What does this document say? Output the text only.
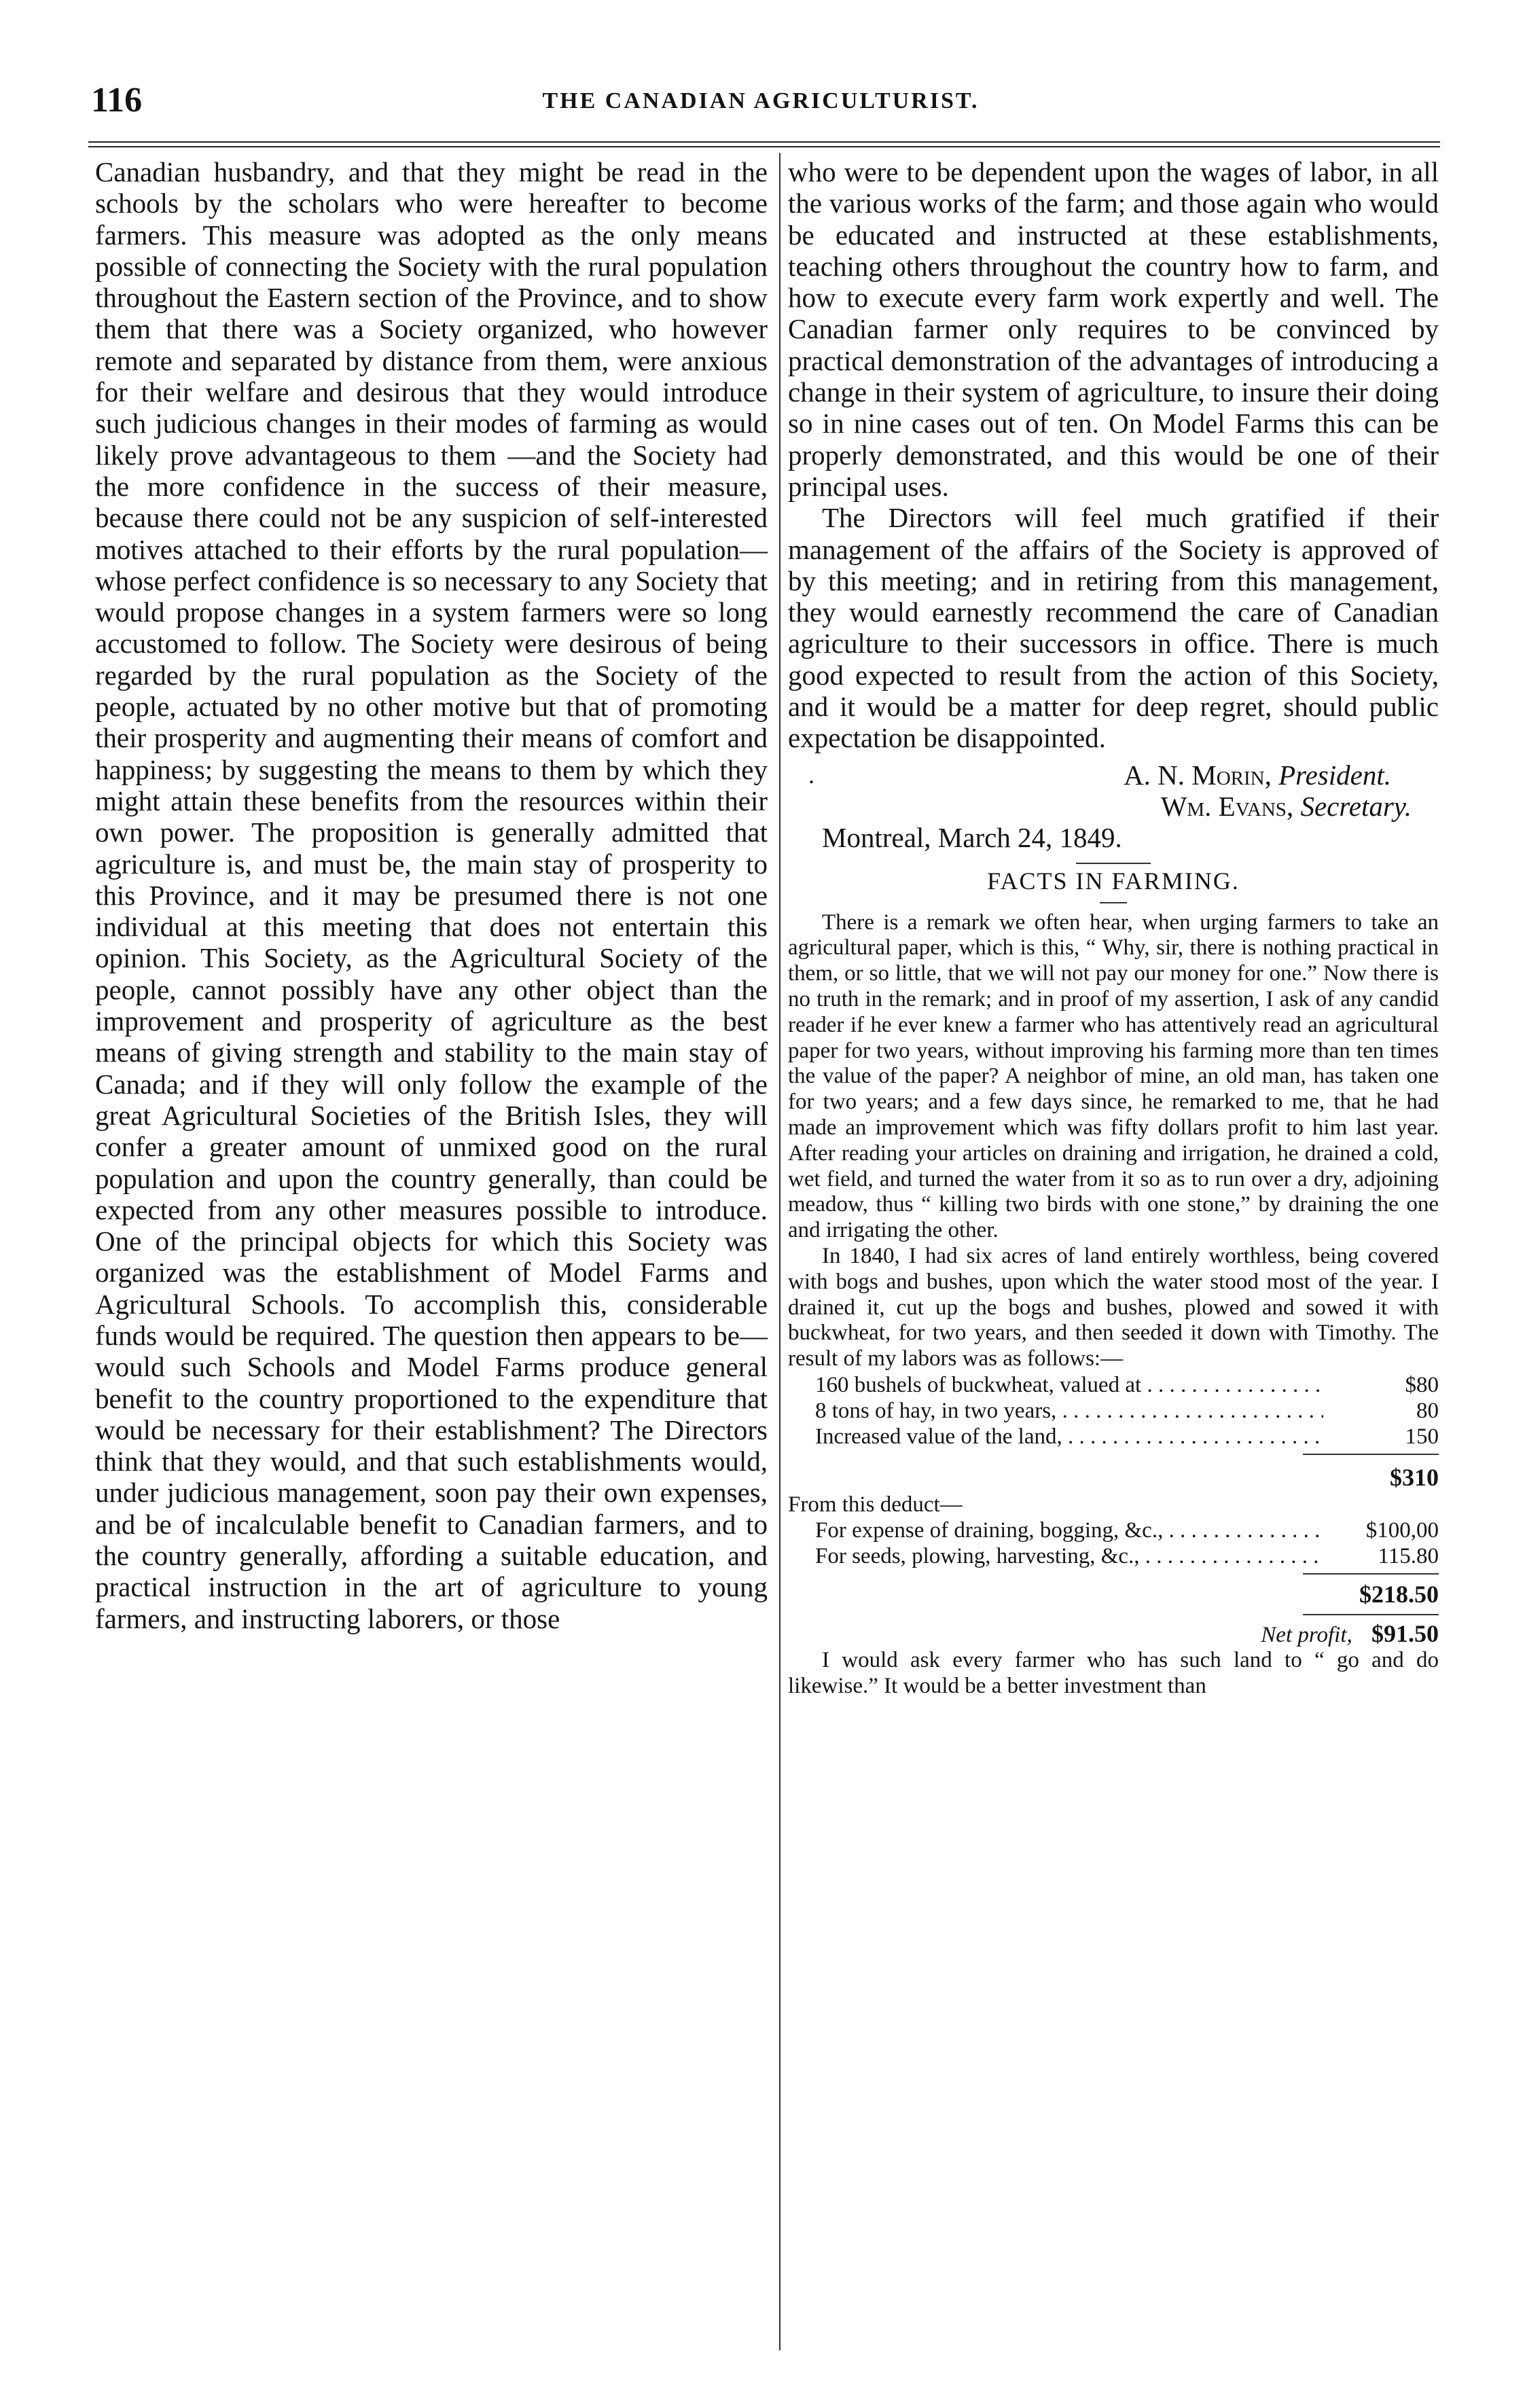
116	THE CANADIAN AGRICULTURIST.

Canadian husbandry, and that they might be read in the schools by the scholars who were hereafter to become farmers. This measure was adopted as the only means possible of connecting the Society with the rural population throughout the Eastern section of the Province, and to show them that there was a Society organized, who however remote and separated by distance from them, were anxious for their welfare and desirous that they would introduce such judicious changes in their modes of farming as would likely prove advantageous to them —and the Society had the more confidence in the success of their measure, because there could not be any suspicion of self-interested motives attached to their efforts by the rural population—whose perfect confidence is so necessary to any Society that would propose changes in a system farmers were so long accustomed to follow. The Society were desirous of being regarded by the rural population as the Society of the people, actuated by no other motive but that of promoting their prosperity and augmenting their means of comfort and happiness; by suggesting the means to them by which they might attain these benefits from the resources within their own power. The proposition is generally admitted that agriculture is, and must be, the main stay of prosperity to this Province, and it may be presumed there is not one individual at this meeting that does not entertain this opinion. This Society, as the Agricultural Society of the people, cannot possibly have any other object than the improvement and prosperity of agriculture as the best means of giving strength and stability to the main stay of Canada; and if they will only follow the example of the great Agricultural Societies of the British Isles, they will confer a greater amount of unmixed good on the rural population and upon the country generally, than could be expected from any other measures possible to introduce. One of the principal objects for which this Society was organized was the establishment of Model Farms and Agricultural Schools. To accomplish this, considerable funds would be required. The question then appears to be—would such Schools and Model Farms produce general benefit to the country proportioned to the expenditure that would be necessary for their establishment? The Directors think that they would, and that such establishments would, under judicious management, soon pay their own expenses, and be of incalculable benefit to Canadian farmers, and to the country generally, affording a suitable education, and practical instruction in the art of agriculture to young farmers, and instructing laborers, or those

who were to be dependent upon the wages of labor, in all the various works of the farm; and those again who would be educated and instructed at these establishments, teaching others throughout the country how to farm, and how to execute every farm work expertly and well. The Canadian farmer only requires to be convinced by practical demonstration of the advantages of introducing a change in their system of agriculture, to insure their doing so in nine cases out of ten. On Model Farms this can be properly demonstrated, and this would be one of their principal uses.

The Directors will feel much gratified if their management of the affairs of the Society is approved of by this meeting; and in retiring from this management, they would earnestly recommend the care of Canadian agriculture to their successors in office. There is much good expected to result from the action of this Society, and it would be a matter for deep regret, should public expectation be disappointed.

.	A. N. Morin, President.
Wm. Evans, Secretary.
Montreal, March 24, 1849.
FACTS IN FARMING.

There is a remark we often hear, when urging farmers to take an agricultural paper, which is this, “ Why, sir, there is nothing practical in them, or so little, that we will not pay our money for one.” Now there is no truth in the remark; and in proof of my assertion, I ask of any candid reader if he ever knew a farmer who has attentively read an agricultural paper for two years, without improving his farming more than ten times the value of the paper? A neighbor of mine, an old man, has taken one for two years; and a few days since, he remarked to me, that he had made an improvement which was fifty dollars profit to him last year. After reading your articles on draining and irrigation, he drained a cold, wet field, and turned the water from it so as to run over a dry, adjoining meadow, thus “ killing two birds with one stone,” by draining the one and irrigating the other.

In 1840, I had six acres of land entirely worthless, being covered with bogs and bushes, upon which the water stood most of the year. I drained it, cut up the bogs and bushes, plowed and sowed it with buckwheat, for two years, and then seeded it down with Timothy. The result of my labors was as follows:—

160 bushels of buckwheat, valued at . . .	$80
8 tons of hay, in two years, . . .	80
Increased value of the land, . . .	150
$310
From this deduct—
For expense of draining, bogging, &c., . . .	$100,00
For seeds, plowing, harvesting, &c., . . .	115.80
$218.50
Net profit, $91.50

I would ask every farmer who has such land to “ go and do likewise.” It would be a better investment than
